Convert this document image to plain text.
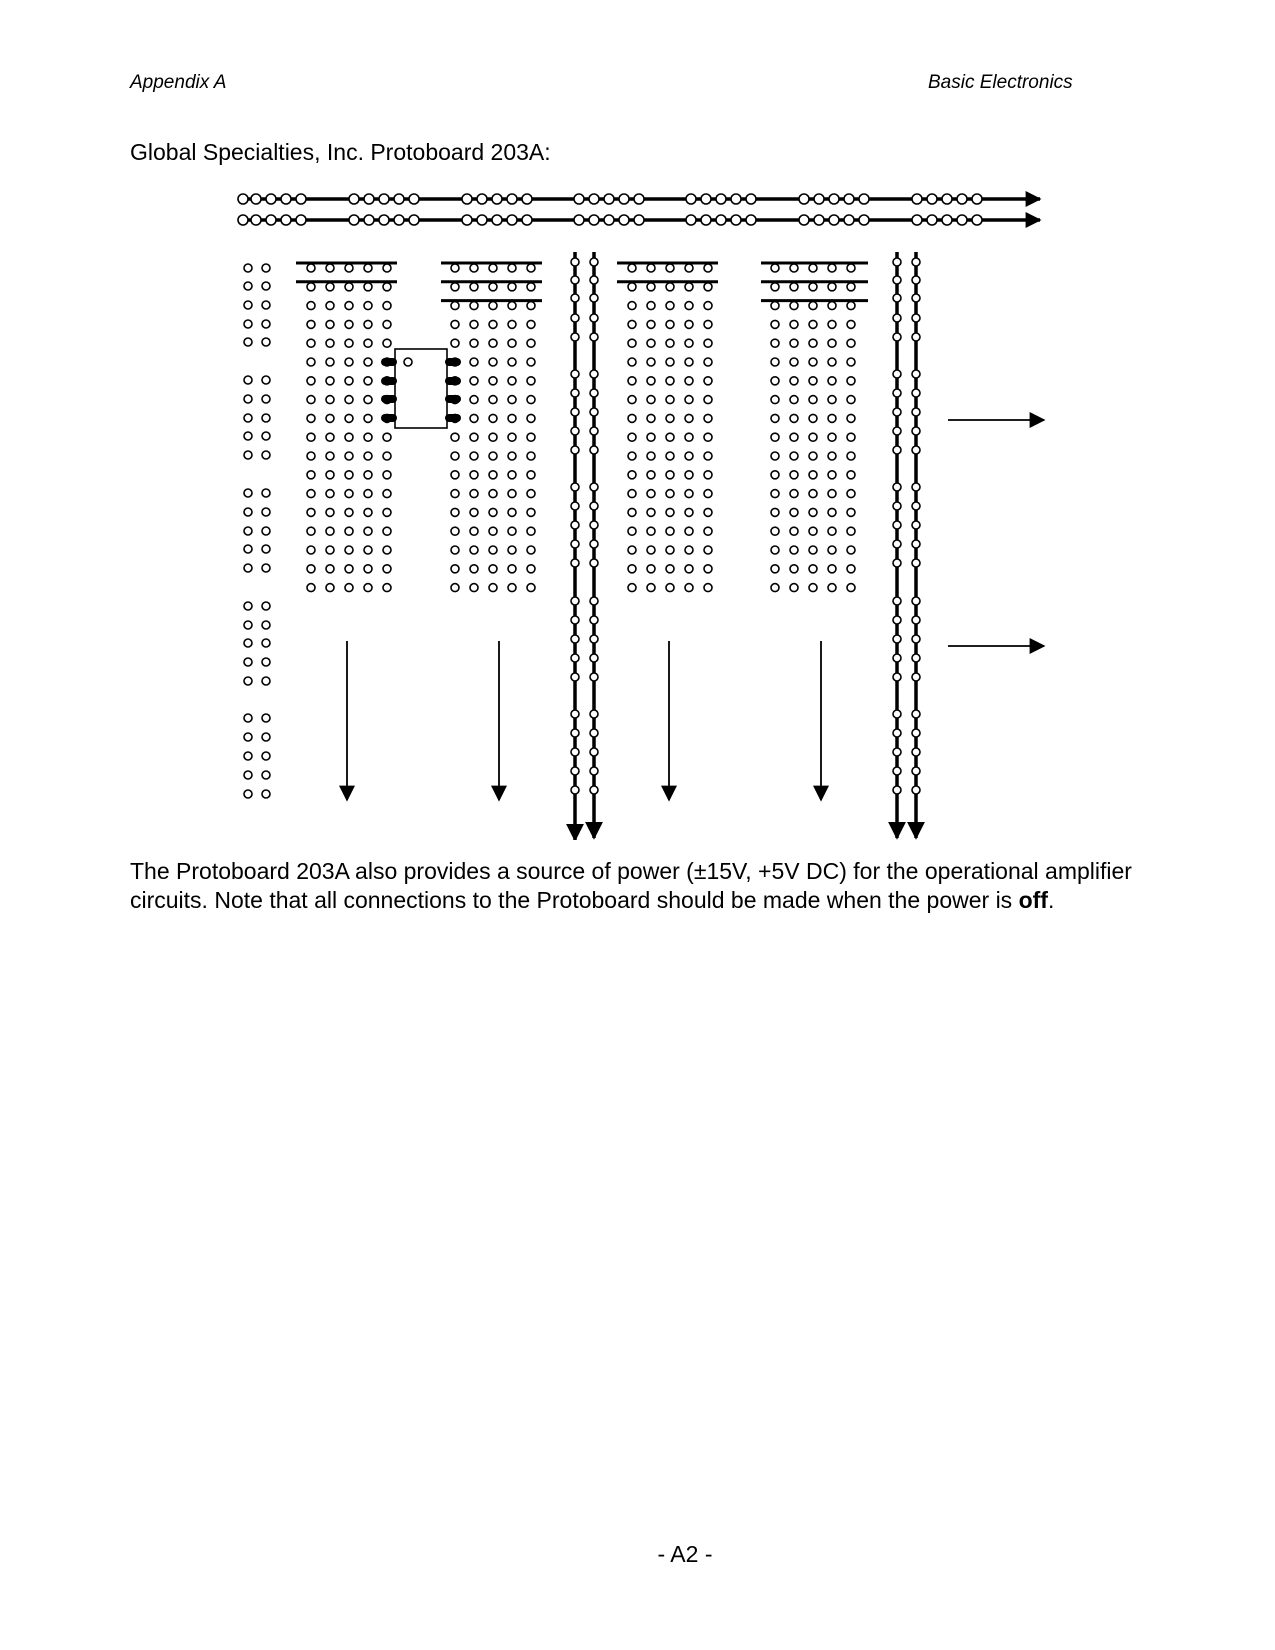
Appendix A	Basic Electronics
Global Specialties, Inc. Protoboard 203A:

The Protoboard 203A also provides a source of power (±15V, +5V DC) for the operational amplifier circuits. Note that all connections to the Protoboard should be made when the power is off.

- A2 -
